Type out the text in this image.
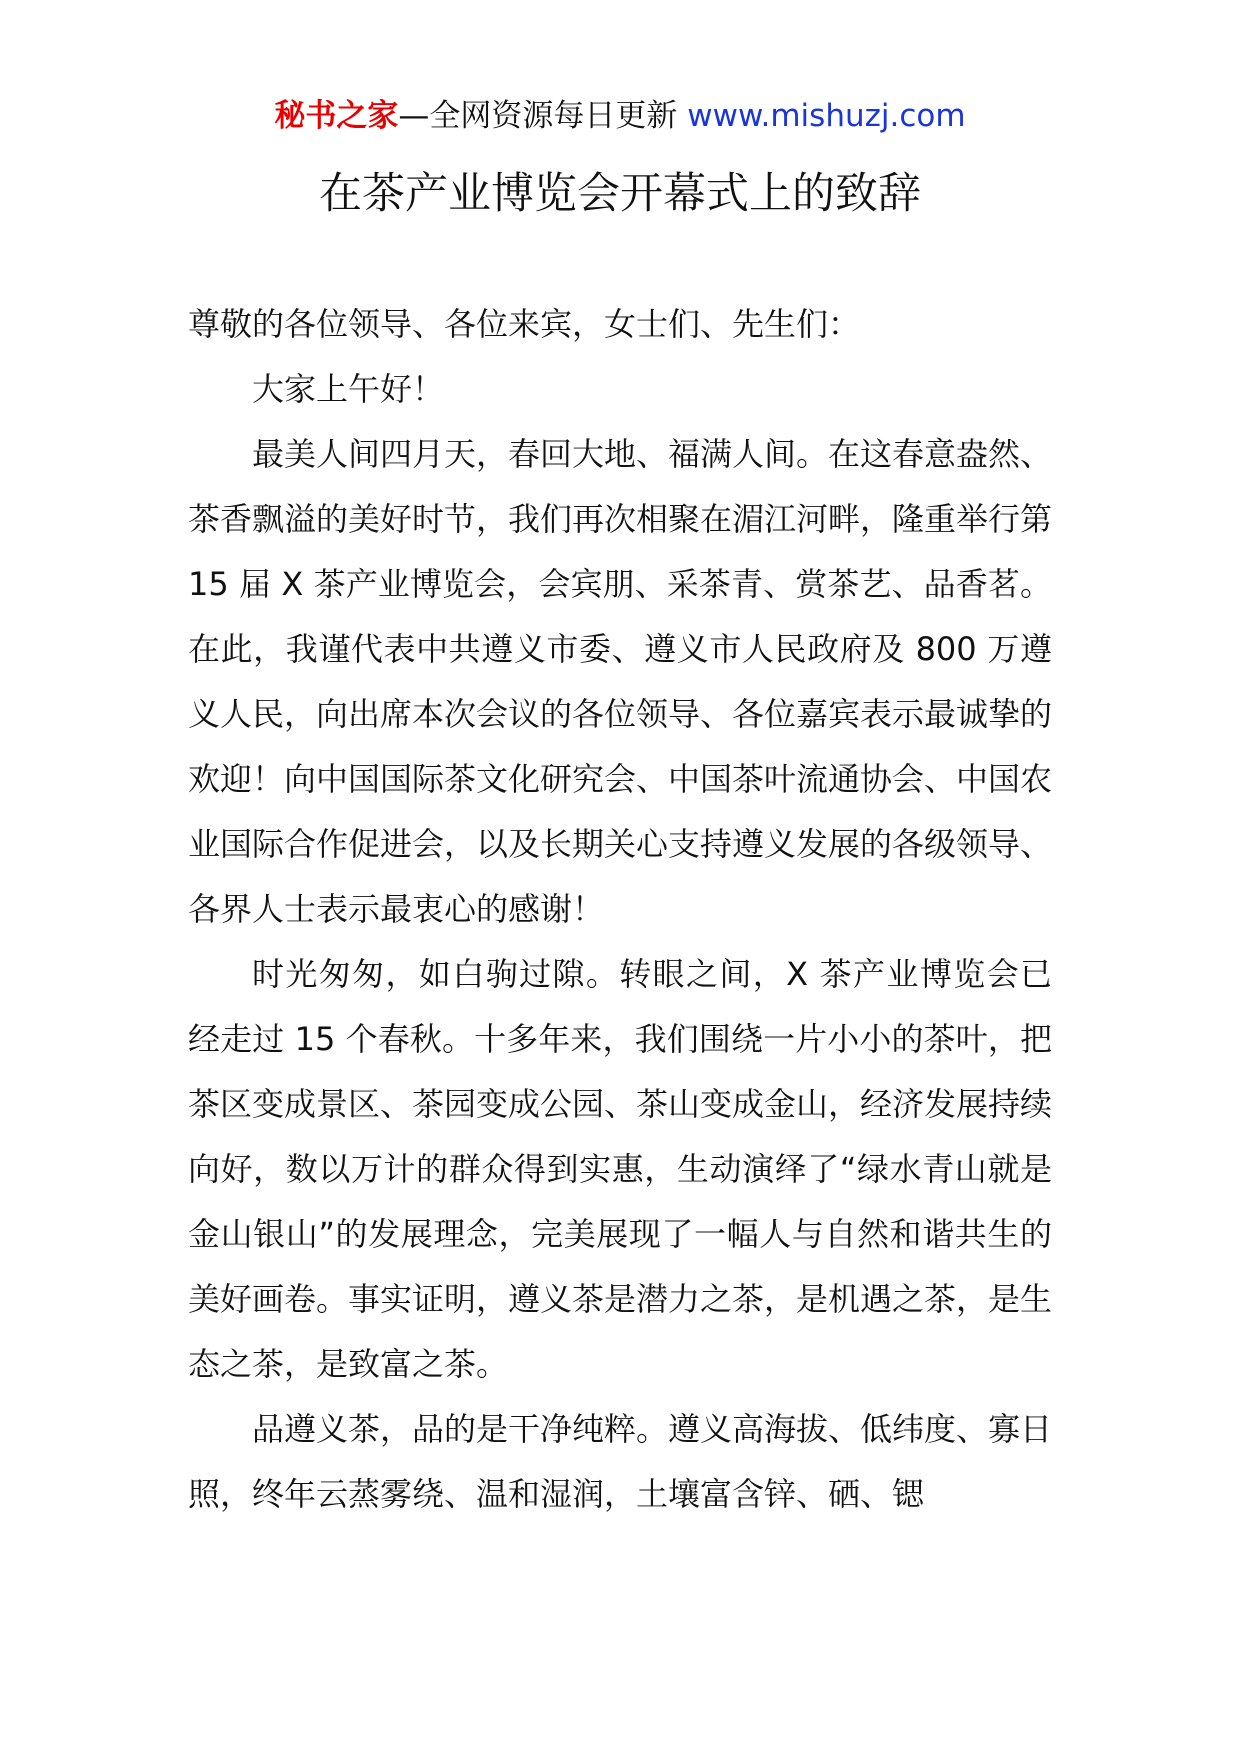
秘书之家—全网资源每日更新 www.mishuzj.com
在茶产业博览会开幕式上的致辞

尊敬的各位领导、各位来宾，女士们、先生们：

大家上午好！

最美人间四月天，春回大地、福满人间。在这春意盎然、茶香飘溢的美好时节，我们再次相聚在湄江河畔，隆重举行第 15 届 X 茶产业博览会，会宾朋、采茶青、赏茶艺、品香茗。在此，我谨代表中共遵义市委、遵义市人民政府及 800 万遵义人民，向出席本次会议的各位领导、各位嘉宾表示最诚挚的欢迎！向中国国际茶文化研究会、中国茶叶流通协会、中国农业国际合作促进会，以及长期关心支持遵义发展的各级领导、各界人士表示最衷心的感谢！

时光匆匆，如白驹过隙。转眼之间，X 茶产业博览会已经走过 15 个春秋。十多年来，我们围绕一片小小的茶叶，把茶区变成景区、茶园变成公园、茶山变成金山，经济发展持续向好，数以万计的群众得到实惠，生动演绎了“绿水青山就是金山银山”的发展理念，完美展现了一幅人与自然和谐共生的美好画卷。事实证明，遵义茶是潜力之茶，是机遇之茶，是生态之茶，是致富之茶。

品遵义茶，品的是干净纯粹。遵义高海拔、低纬度、寡日照，终年云蒸雾绕、温和湿润，土壤富含锌、硒、锶
